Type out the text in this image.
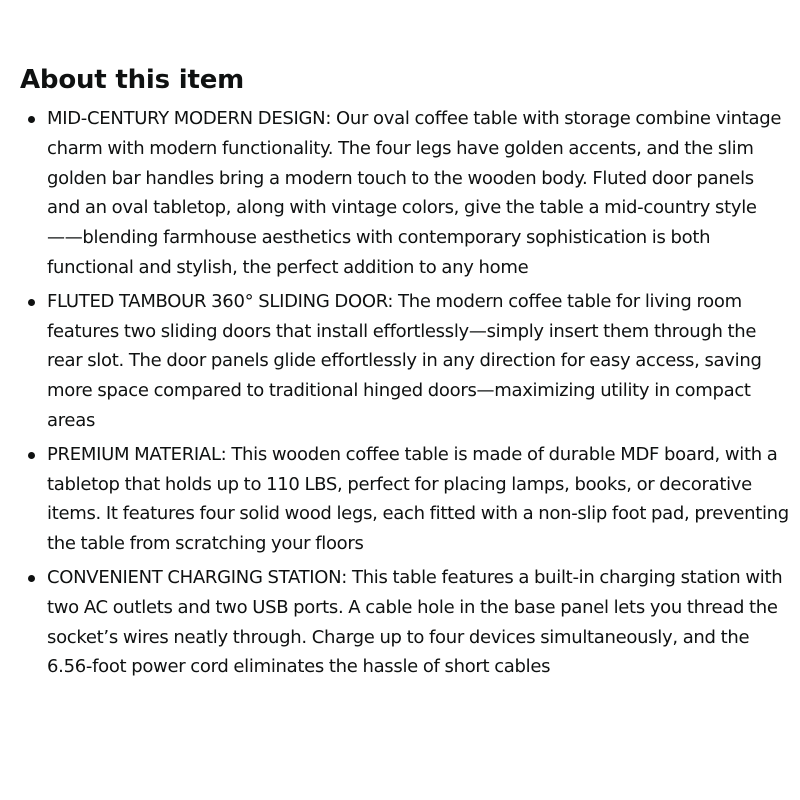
About this item
MID-CENTURY MODERN DESIGN: Our oval coffee table with storage combine vintage charm with modern functionality. The four legs have golden accents, and the slim golden bar handles bring a modern touch to the wooden body. Fluted door panels and an oval tabletop, along with vintage colors, give the table a mid-country style ——blending farmhouse aesthetics with contemporary sophistication is both functional and stylish, the perfect addition to any home
FLUTED TAMBOUR 360° SLIDING DOOR: The modern coffee table for living room features two sliding doors that install effortlessly—simply insert them through the rear slot. The door panels glide effortlessly in any direction for easy access, saving more space compared to traditional hinged doors—maximizing utility in compact areas
PREMIUM MATERIAL: This wooden coffee table is made of durable MDF board, with a tabletop that holds up to 110 LBS, perfect for placing lamps, books, or decorative items. It features four solid wood legs, each fitted with a non-slip foot pad, preventing the table from scratching your floors
CONVENIENT CHARGING STATION: This table features a built-in charging station with two AC outlets and two USB ports. A cable hole in the base panel lets you thread the socket’s wires neatly through. Charge up to four devices simultaneously, and the 6.56-foot power cord eliminates the hassle of short cables
